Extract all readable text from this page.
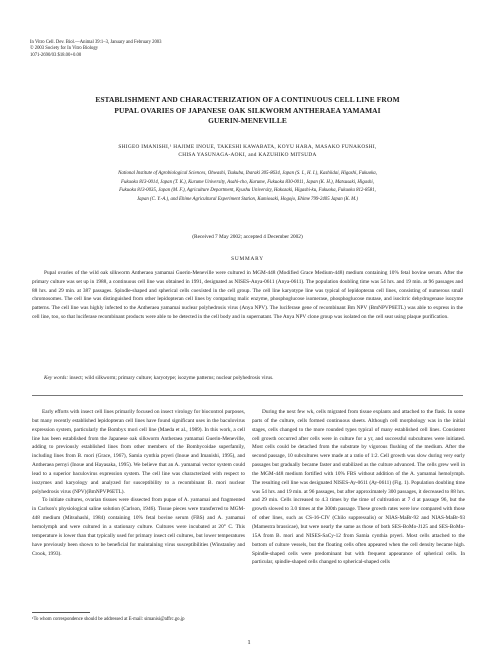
In Vitro Cell. Dev. Biol.—Animal 39:1–3, January and February 2003
© 2003 Society for In Vitro Biology
1071-2690/03 $18.00+0.00
ESTABLISHMENT AND CHARACTERIZATION OF A CONTINUOUS CELL LINE FROM
PUPAL OVARIES OF JAPANESE OAK SILKWORM ANTHERAEA YAMAMAI
GUERIN-MENEVILLE
SHIGEO IMANISHI,¹ HAJIME INOUE, TAKESHI KAWABATA, KOYU HARA, MASAKO FUNAKOSHI,
CHISA YASUNAGA-AOKI, and KAZUHIKO MITSUDA
National Institute of Agrobiological Sciences, Ohwashi, Tsukuba, Ibaraki 305-8634, Japan (S. I., H. I.), Kashiidai, Higashi, Fukuoka,
Fukuoka 813-0014, Japan (T. K.), Kurume University, Asahi-cho, Kurume, Fukuoka 830-0011, Japan (K. H.), Matsusaki, Higashi,
Fukuoka 813-0035, Japan (M. F.), Agriculture Department, Kyushu University, Hakozaki, Higashi-ku, Fukuoka, Fukuoka 812-8581,
Japan (C. Y.-A.), and Ehime Agricultural Experiment Station, Kamiosaki, Hogojo, Ehime 799-2405 Japan (K. M.)
(Received 7 May 2002; accepted 4 December 2002)
SUMMARY
Pupal ovaries of the wild oak silkworm Antheraea yamamai Guerin-Meneville were cultured in MGM-448 (Modified Grace Medium-448) medium containing 10% fetal bovine serum. After the primary culture was set up in 1988, a continuous cell line was obtained in 1991, designated as NISES-Anya-0611 (Anya-0611). The population doubling time was 54 hrs. and 19 min. at 96 passages and 88 hrs. and 29 min. at 387 passages. Spindle-shaped and spherical cells coexisted in the cell group. The cell line karyotype line was typical of lepidopteran cell lines, consisting of numerous small chromosomes. The cell line was distinguished from other lepidopteran cell lines by comparing malic enzyme, phosphoglucose isomerase, phosphoglucose mutase, and isocitric dehydrogenase isozyme patterns. The cell line was highly infected to the Antheraea yamamai nuclear polyhedrosis virus (Anya NPV). The luciferase gene of recombinant Bm NPV (BmNPVP6ETL) was able to express in the cell line, too, so that luciferase recombinant products were able to be detected in the cell body and in supernatant. The Anya NPV clone group was isolated on the cell seat using plaque purification.
Key words: insect; wild silkworm; primary culture; karyotype; isozyme patterns; nuclear polyhedrosis virus.

Early efforts with insect cell lines primarily focused on insect virology for biocontrol purposes, but many recently established lepidopteran cell lines have found significant uses in the baculovirus expression system, particularly the Bombyx mori cell line (Maeda et al., 1989). In this work, a cell line has been established from the Japanese oak silkworm Antheraea yamamai Guerin-Meneville, adding to previously established lines from other members of the Bombycoidae superfamily, including lines from B. mori (Grace, 1967), Samia cynthia pryeri (Inoue and Imanishi, 1995), and Antheraea pernyi (Inoue and Hayasaka, 1995). We believe that an A. yamamai vector system could lead to a superior baculovirus expression system. The cell line was characterized with respect to isozymes and karyology and analyzed for susceptibility to a recombinant B. mori nuclear polyhedrosis virus (NPV)(BmNPVP6ETL).

To initiate cultures, ovarian tissues were dissected from pupae of A. yamamai and fragmented in Carlson's physiological saline solution (Carlson, 1946). Tissue pieces were transferred to MGM-448 medium (Mitsuhashi, 1984) containing 10% fetal bovine serum (FBS) and A. yamamai hemolymph and were cultured in a stationary culture. Cultures were incubated at 20° C. This temperature is lower than that typically used for primary insect cell cultures, but lower temperatures have previously been shown to be beneficial for maintaining virus susceptibilities (Winstanley and Crook, 1993).

During the next few wk, cells migrated from tissue explants and attached to the flask. In some parts of the culture, cells formed continuous sheets. Although cell morphology was in the initial stages, cells changed to the more rounded types typical of many established cell lines. Consistent cell growth occurred after cells were in culture for a yr, and successful subcultures were initiated. Most cells could be detached from the substrate by vigorous flushing of the medium. After the second passage, 10 subcultures were made at a ratio of 1:2. Cell growth was slow during very early passages but gradually became faster and stabilized as the culture advanced. The cells grew well in the MGM-448 medium fortified with 10% FBS without addition of the A. yamamai hemolymph. The resulting cell line was designated NISES-Ay-0611 (Ay-0611) (Fig. 1). Population doubling time was 54 hrs. and 19 min. at 96 passages, but after approximately 300 passages, it decreased to 88 hrs. and 29 min. Cells increased to 4.3 times by the time of cultivation at 7 d at passage 96, but the growth slowed to 3.0 times at the 300th passage. These growth rates were low compared with those of other lines, such as CS-16-CIV (Chilo suppressalis) or NIAS-MaBr-92 and NIAS-MaBr-93 (Mamestra brassicae), but were nearly the same as those of both SES-BoMo-J125 and SES-BoMo-15A from B. mori and NISES-SaCy-12 from Samia cynthia pryeri. Most cells attached to the bottom of culture vessels, but the floating cells often appeared when the cell density became high. Spindle-shaped cells were predominant but with frequent appearance of spherical cells. In particular, spindle-shaped cells changed to spherical-shaped cells

¹To whom correspondence should be addressed at E-mail: simanisi@affrc.go.jp
1
